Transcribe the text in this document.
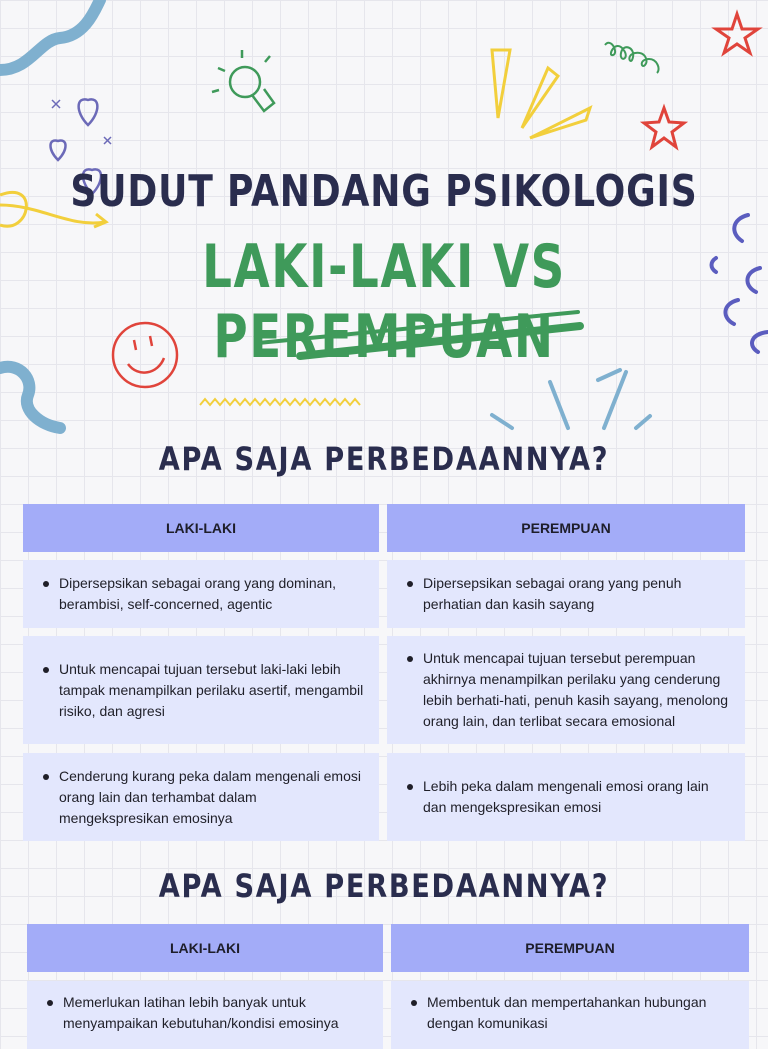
SUDUT PANDANG PSIKOLOGIS
LAKI-LAKI VS PEREMPUAN
APA SAJA PERBEDAANNYA?
LAKI-LAKI	PEREMPUAN
Dipersepsikan sebagai orang yang dominan, berambisi, self-concerned, agentic
Dipersepsikan sebagai orang yang penuh perhatian dan kasih sayang
Untuk mencapai tujuan tersebut laki-laki lebih tampak menampilkan perilaku asertif, mengambil risiko, dan agresi
Untuk mencapai tujuan tersebut perempuan akhirnya menampilkan perilaku yang cenderung lebih berhati-hati, penuh kasih sayang, menolong orang lain, dan terlibat secara emosional
Cenderung kurang peka dalam mengenali emosi orang lain dan terhambat dalam mengekspresikan emosinya
Lebih peka dalam mengenali emosi orang lain dan mengekspresikan emosi
APA SAJA PERBEDAANNYA?
LAKI-LAKI	PEREMPUAN
Memerlukan latihan lebih banyak untuk menyampaikan kebutuhan/kondisi emosinya
Membentuk dan mempertahankan hubungan dengan komunikasi
